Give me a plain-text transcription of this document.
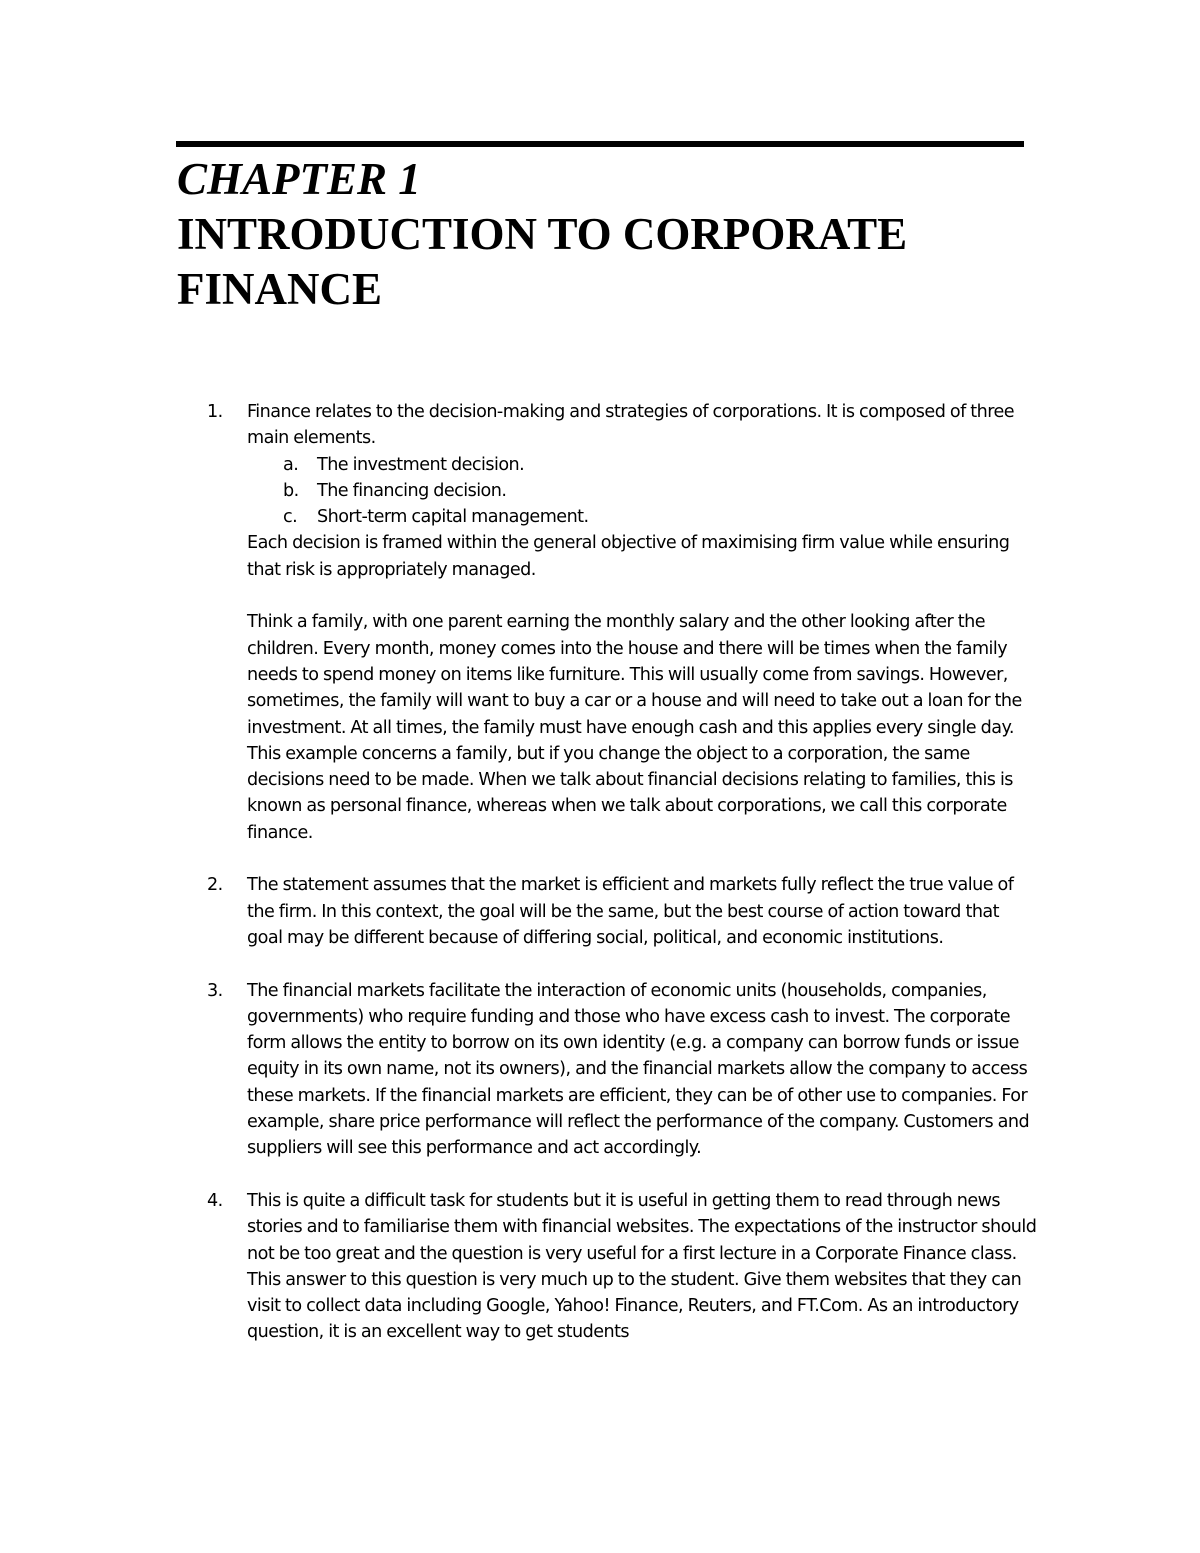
CHAPTER 1
INTRODUCTION TO CORPORATE
FINANCE
1. Finance relates to the decision-making and strategies of corporations. It is composed of three main elements.

a. The investment decision.
b. The financing decision.
c. Short-term capital management.

Each decision is framed within the general objective of maximising firm value while ensuring that risk is appropriately managed.

Think a family, with one parent earning the monthly salary and the other looking after the children. Every month, money comes into the house and there will be times when the family needs to spend money on items like furniture. This will usually come from savings. However, sometimes, the family will want to buy a car or a house and will need to take out a loan for the investment. At all times, the family must have enough cash and this applies every single day. This example concerns a family, but if you change the object to a corporation, the same decisions need to be made. When we talk about financial decisions relating to families, this is known as personal finance, whereas when we talk about corporations, we call this corporate finance.

2. The statement assumes that the market is efficient and markets fully reflect the true value of the firm. In this context, the goal will be the same, but the best course of action toward that goal may be different because of differing social, political, and economic institutions.

3. The financial markets facilitate the interaction of economic units (households, companies, governments) who require funding and those who have excess cash to invest. The corporate form allows the entity to borrow on its own identity (e.g. a company can borrow funds or issue equity in its own name, not its owners), and the financial markets allow the company to access these markets. If the financial markets are efficient, they can be of other use to companies. For example, share price performance will reflect the performance of the company. Customers and suppliers will see this performance and act accordingly.

4. This is quite a difficult task for students but it is useful in getting them to read through news stories and to familiarise them with financial websites. The expectations of the instructor should not be too great and the question is very useful for a first lecture in a Corporate Finance class. This answer to this question is very much up to the student. Give them websites that they can visit to collect data including Google, Yahoo! Finance, Reuters, and FT.Com. As an introductory question, it is an excellent way to get students
